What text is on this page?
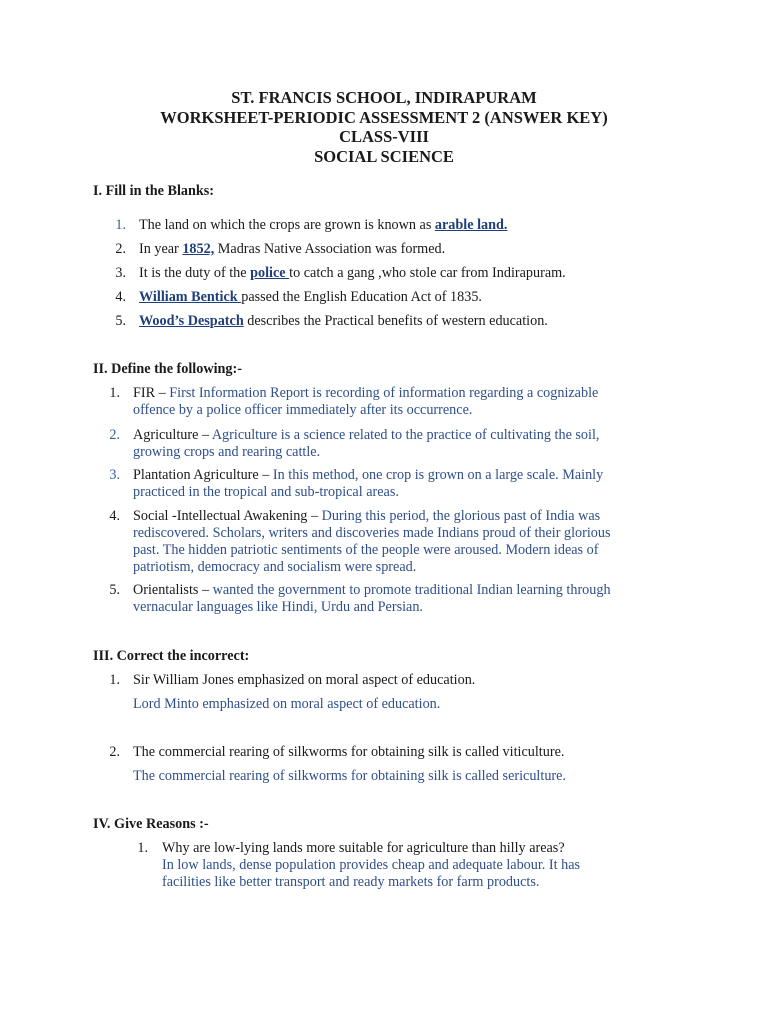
ST. FRANCIS SCHOOL, INDIRAPURAM
WORKSHEET-PERIODIC ASSESSMENT 2 (ANSWER KEY)
CLASS-VIII
SOCIAL SCIENCE
I. Fill in the Blanks:
1. The land on which the crops are grown is known as arable land.
2. In year 1852, Madras Native Association was formed.
3. It is the duty of the police to catch a gang ,who stole car from Indirapuram.
4. William Bentick passed the English Education Act of 1835.
5. Wood’s Despatch describes the Practical benefits of western education.
II. Define the following:-
1. FIR – First Information Report is recording of information regarding a cognizable
offence by a police officer immediately after its occurrence.
2. Agriculture – Agriculture is a science related to the practice of cultivating the soil,
growing crops and rearing cattle.
3. Plantation Agriculture – In this method, one crop is grown on a large scale. Mainly
practiced in the tropical and sub-tropical areas.
4. Social -Intellectual Awakening – During this period, the glorious past of India was
rediscovered. Scholars, writers and discoveries made Indians proud of their glorious
past. The hidden patriotic sentiments of the people were aroused. Modern ideas of
patriotism, democracy and socialism were spread.
5. Orientalists – wanted the government to promote traditional Indian learning through
vernacular languages like Hindi, Urdu and Persian.
III. Correct the incorrect:
1. Sir William Jones emphasized on moral aspect of education.
Lord Minto emphasized on moral aspect of education.
2. The commercial rearing of silkworms for obtaining silk is called viticulture.
The commercial rearing of silkworms for obtaining silk is called sericulture.
IV. Give Reasons :-
1. Why are low-lying lands more suitable for agriculture than hilly areas?
In low lands, dense population provides cheap and adequate labour. It has
facilities like better transport and ready markets for farm products.
